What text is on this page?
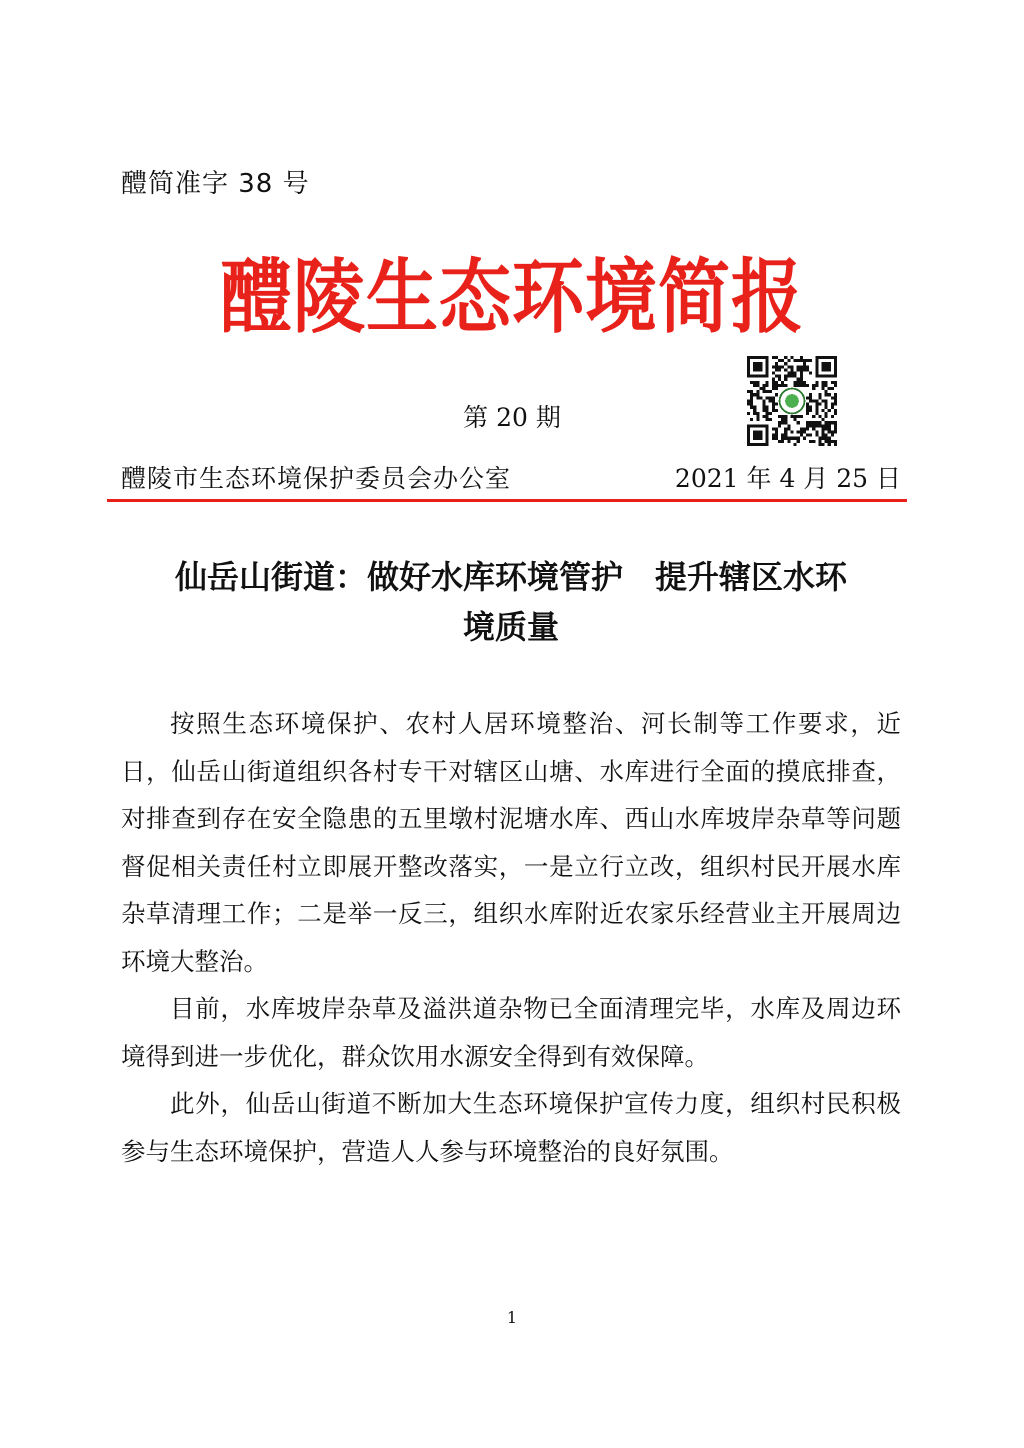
醴简准字 38 号
醴陵生态环境简报
第 20 期
醴陵市生态环境保护委员会办公室	2021 年 4 月 25 日
仙岳山街道：做好水库环境管护　提升辖区水环
境质量

按照生态环境保护、农村人居环境整治、河长制等工作要求，近日，仙岳山街道组织各村专干对辖区山塘、水库进行全面的摸底排查，对排查到存在安全隐患的五里墩村泥塘水库、西山水库坡岸杂草等问题督促相关责任村立即展开整改落实，一是立行立改，组织村民开展水库杂草清理工作；二是举一反三，组织水库附近农家乐经营业主开展周边环境大整治。

目前，水库坡岸杂草及溢洪道杂物已全面清理完毕，水库及周边环境得到进一步优化，群众饮用水源安全得到有效保障。

此外，仙岳山街道不断加大生态环境保护宣传力度，组织村民积极参与生态环境保护，营造人人参与环境整治的良好氛围。

1
